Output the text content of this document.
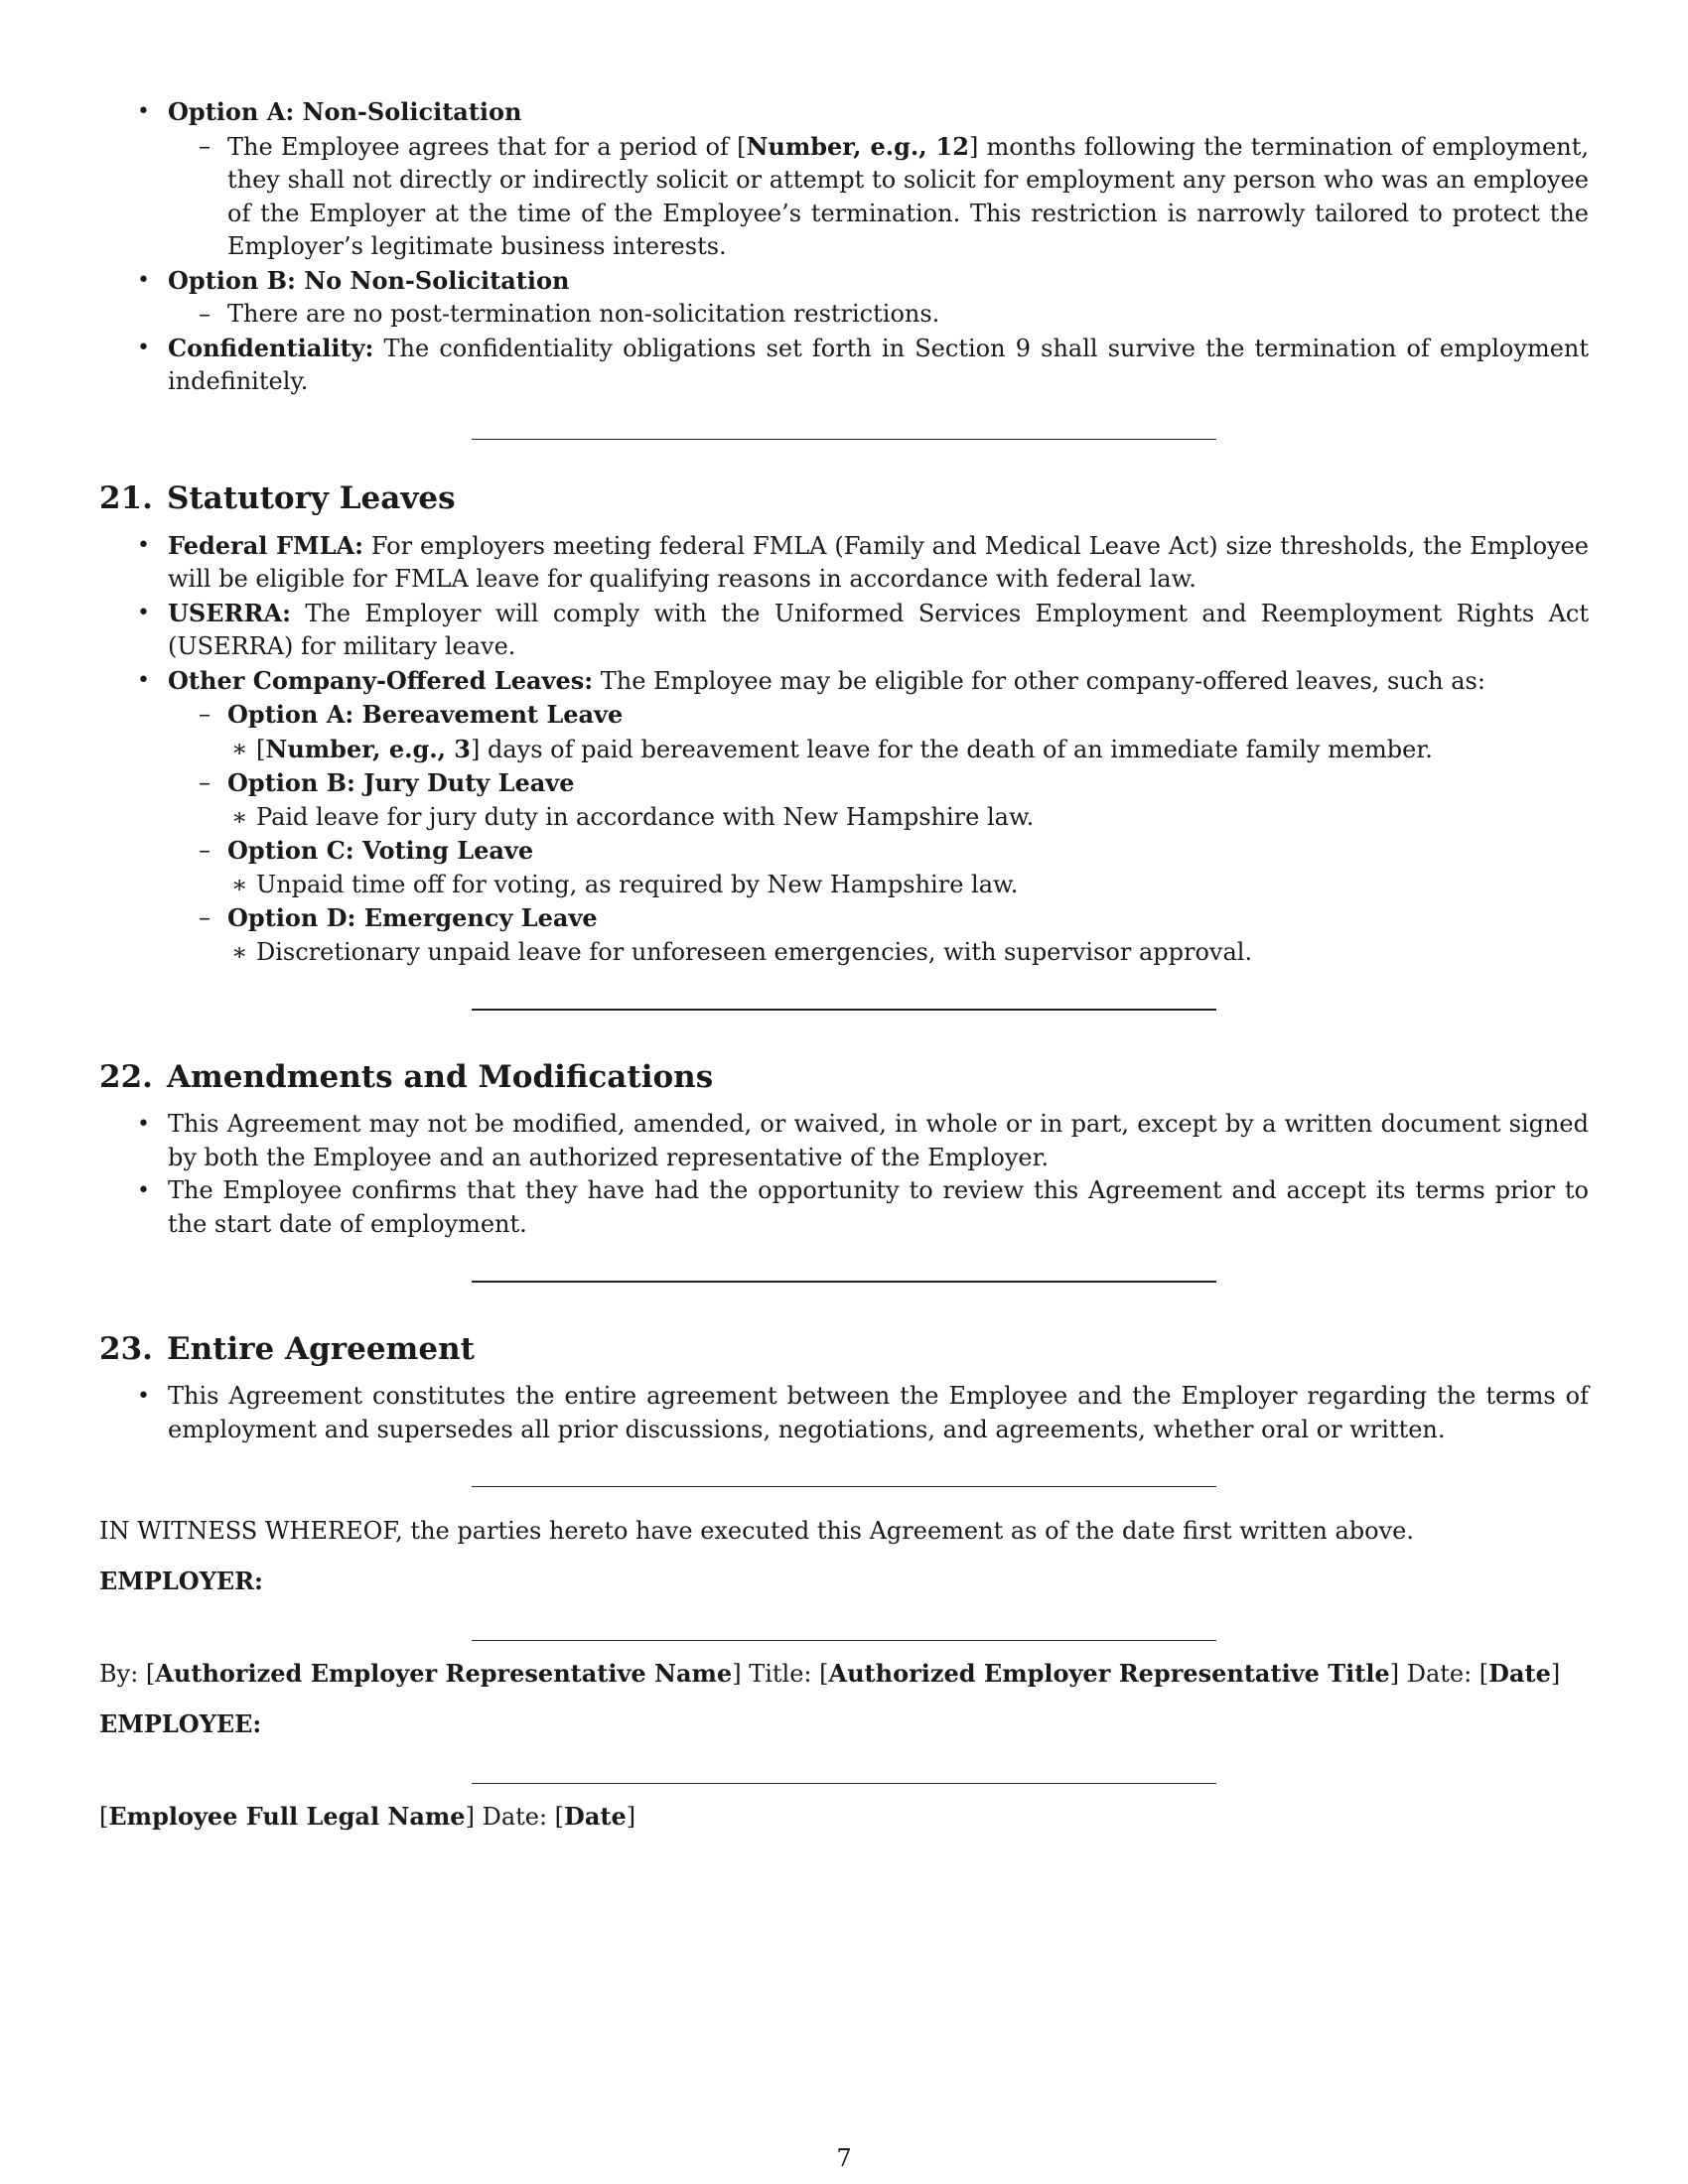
• Option A: Non-Solicitation
– The Employee agrees that for a period of [Number, e.g., 12] months following the termination of employment, they shall not directly or indirectly solicit or attempt to solicit for employment any person who was an employee of the Employer at the time of the Employee’s termination. This restriction is narrowly tailored to protect the Employer’s legitimate business interests.
• Option B: No Non-Solicitation
– There are no post-termination non-solicitation restrictions.
• Confidentiality: The confidentiality obligations set forth in Section 9 shall survive the termination of employment indefinitely.
21. Statutory Leaves
• Federal FMLA: For employers meeting federal FMLA (Family and Medical Leave Act) size thresholds, the Employee will be eligible for FMLA leave for qualifying reasons in accordance with federal law.
• USERRA: The Employer will comply with the Uniformed Services Employment and Reemployment Rights Act (USERRA) for military leave.
• Other Company-Offered Leaves: The Employee may be eligible for other company-offered leaves, such as:
– Option A: Bereavement Leave
∗ [Number, e.g., 3] days of paid bereavement leave for the death of an immediate family member.
– Option B: Jury Duty Leave
∗ Paid leave for jury duty in accordance with New Hampshire law.
– Option C: Voting Leave
∗ Unpaid time off for voting, as required by New Hampshire law.
– Option D: Emergency Leave
∗ Discretionary unpaid leave for unforeseen emergencies, with supervisor approval.
22. Amendments and Modifications
• This Agreement may not be modified, amended, or waived, in whole or in part, except by a written document signed by both the Employee and an authorized representative of the Employer.
• The Employee confirms that they have had the opportunity to review this Agreement and accept its terms prior to the start date of employment.
23. Entire Agreement
• This Agreement constitutes the entire agreement between the Employee and the Employer regarding the terms of employment and supersedes all prior discussions, negotiations, and agreements, whether oral or written.

IN WITNESS WHEREOF, the parties hereto have executed this Agreement as of the date first written above.

EMPLOYER:

By: [Authorized Employer Representative Name] Title: [Authorized Employer Representative Title] Date: [Date]

EMPLOYEE:

[Employee Full Legal Name] Date: [Date]

7
